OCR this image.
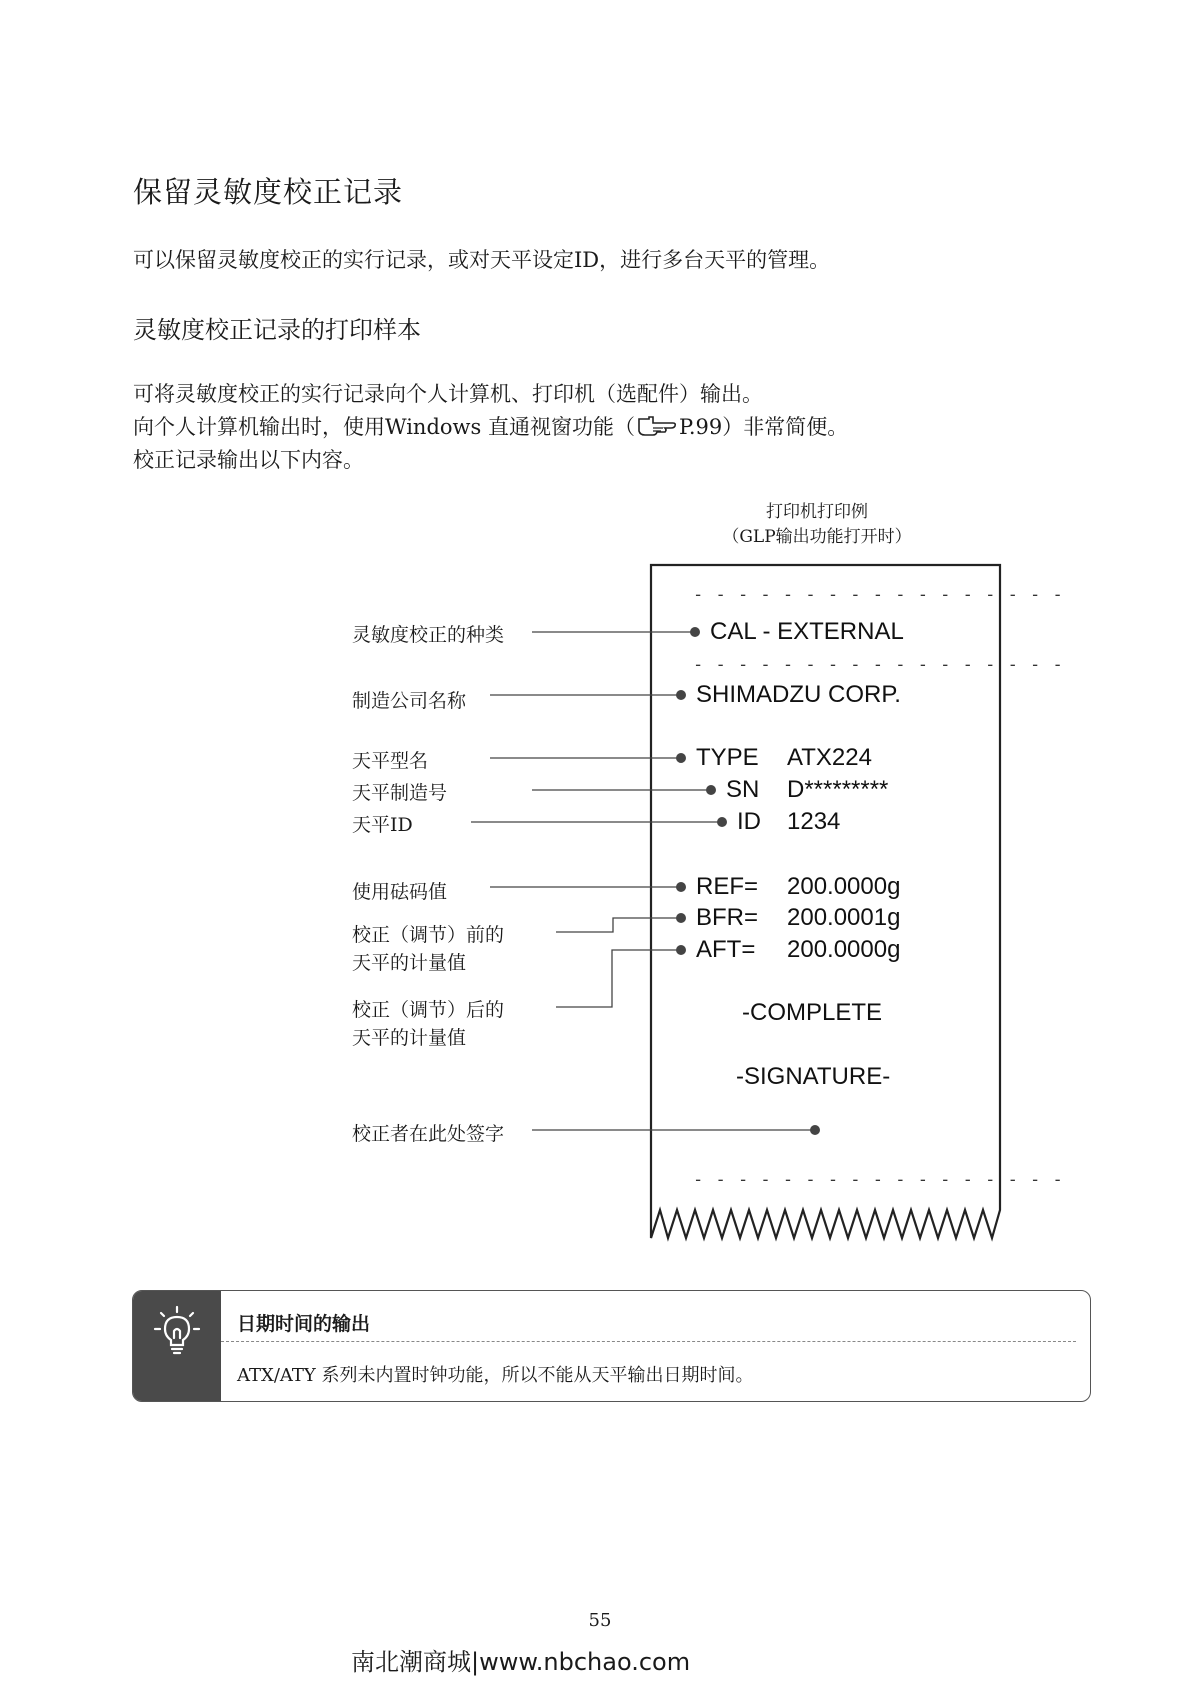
保留灵敏度校正记录
可以保留灵敏度校正的实行记录，或对天平设定ID，进行多台天平的管理。
灵敏度校正记录的打印样本
可将灵敏度校正的实行记录向个人计算机、打印机（选配件）输出。
向个人计算机输出时，使用Windows 直通视窗功能（ P.99）非常简便。
校正记录输出以下内容。
打印机打印例
（GLP输出功能打开时）
- - - - - - - - - - - - - - - - -
- - - - - - - - - - - - - - - - -
- - - - - - - - - - - - - - - - -
CAL - EXTERNAL
SHIMADZU CORP.
TYPE ATX224
SN D*********
ID 1234
REF= 200.0000g
BFR= 200.0001g
AFT= 200.0000g
-COMPLETE
-SIGNATURE-
灵敏度校正的种类
制造公司名称
天平型名
天平制造号
天平ID
使用砝码值
校正（调节）前的
天平的计量值
校正（调节）后的
天平的计量值
校正者在此处签字
日期时间的输出
ATX/ATY 系列未内置时钟功能，所以不能从天平输出日期时间。
55
南北潮商城|www.nbchao.com
